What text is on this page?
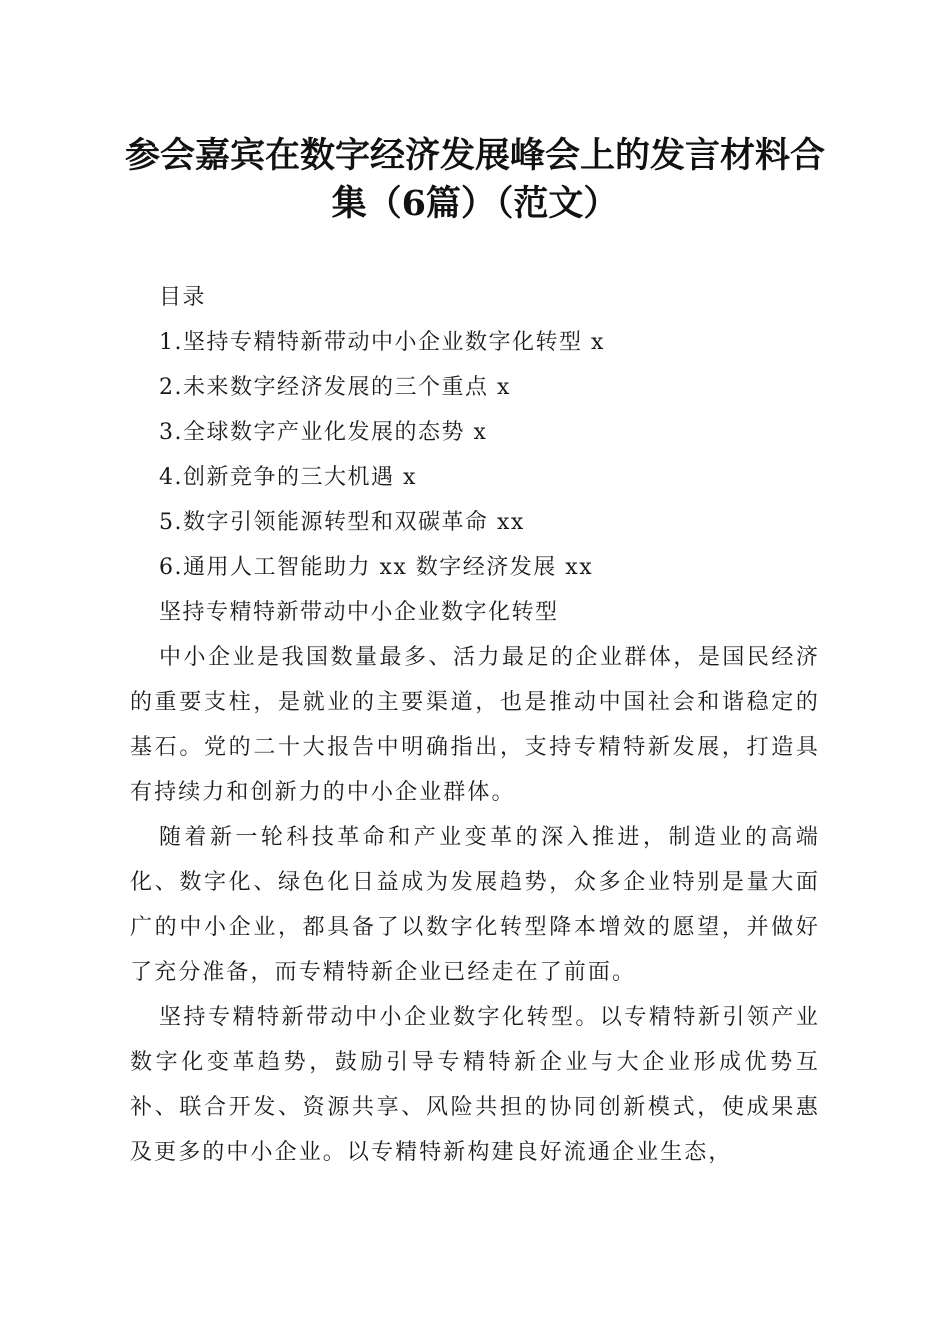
参会嘉宾在数字经济发展峰会上的发言材料合
集（6篇）（范文）

目录

1.坚持专精特新带动中小企业数字化转型 x

2.未来数字经济发展的三个重点 x

3.全球数字产业化发展的态势 x

4.创新竞争的三大机遇 x

5.数字引领能源转型和双碳革命 xx

6.通用人工智能助力 xx 数字经济发展 xx

坚持专精特新带动中小企业数字化转型

中小企业是我国数量最多、活力最足的企业群体，是国民经济的重要支柱，是就业的主要渠道，也是推动中国社会和谐稳定的基石。党的二十大报告中明确指出，支持专精特新发展，打造具有持续力和创新力的中小企业群体。

随着新一轮科技革命和产业变革的深入推进，制造业的高端化、数字化、绿色化日益成为发展趋势，众多企业特别是量大面广的中小企业，都具备了以数字化转型降本增效的愿望，并做好了充分准备，而专精特新企业已经走在了前面。

坚持专精特新带动中小企业数字化转型。以专精特新引领产业数字化变革趋势，鼓励引导专精特新企业与大企业形成优势互补、联合开发、资源共享、风险共担的协同创新模式，使成果惠及更多的中小企业。以专精特新构建良好流通企业生态，
